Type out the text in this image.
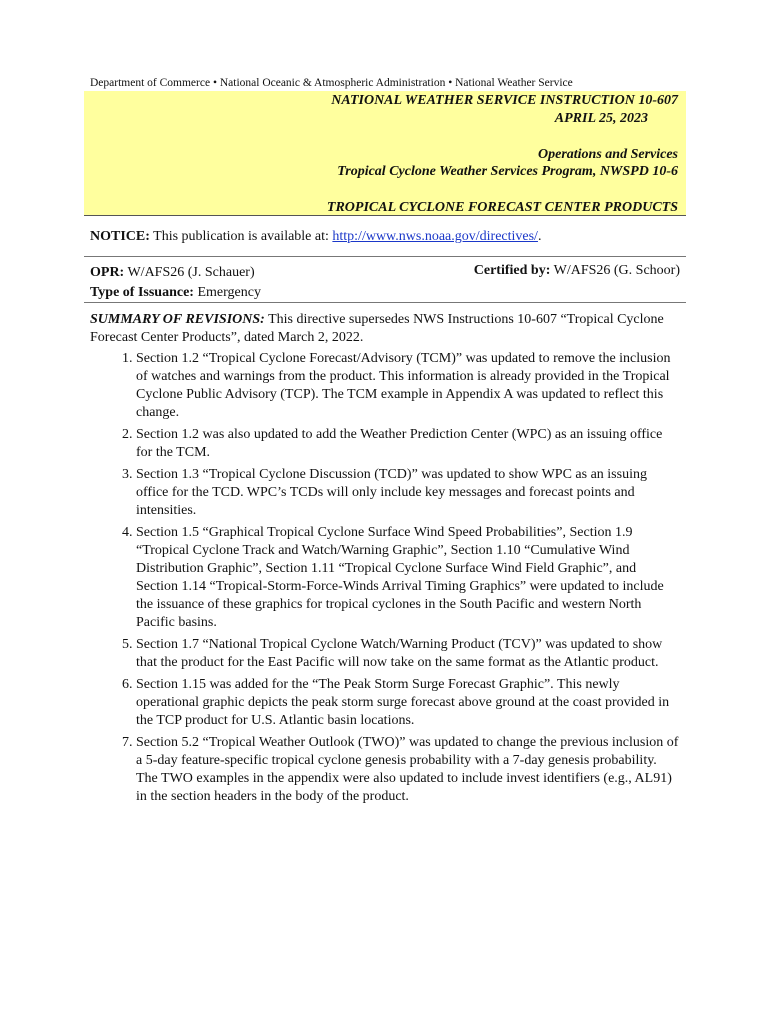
Department of Commerce • National Oceanic & Atmospheric Administration • National Weather Service
NATIONAL WEATHER SERVICE INSTRUCTION 10-607
APRIL 25, 2023
Operations and Services
Tropical Cyclone Weather Services Program, NWSPD 10-6
TROPICAL CYCLONE FORECAST CENTER PRODUCTS
NOTICE: This publication is available at: http://www.nws.noaa.gov/directives/.
OPR: W/AFS26 (J. Schauer)
Type of Issuance: Emergency
Certified by: W/AFS26 (G. Schoor)
SUMMARY OF REVISIONS: This directive supersedes NWS Instructions 10-607 “Tropical Cyclone Forecast Center Products”, dated March 2, 2022.
1. Section 1.2 “Tropical Cyclone Forecast/Advisory (TCM)” was updated to remove the inclusion of watches and warnings from the product. This information is already provided in the Tropical Cyclone Public Advisory (TCP). The TCM example in Appendix A was updated to reflect this change.
2. Section 1.2 was also updated to add the Weather Prediction Center (WPC) as an issuing office for the TCM.
3. Section 1.3 “Tropical Cyclone Discussion (TCD)” was updated to show WPC as an issuing office for the TCD. WPC’s TCDs will only include key messages and forecast points and intensities.
4. Section 1.5 “Graphical Tropical Cyclone Surface Wind Speed Probabilities”, Section 1.9 “Tropical Cyclone Track and Watch/Warning Graphic”, Section 1.10 “Cumulative Wind Distribution Graphic”, Section 1.11 “Tropical Cyclone Surface Wind Field Graphic”, and Section 1.14 “Tropical-Storm-Force-Winds Arrival Timing Graphics” were updated to include the issuance of these graphics for tropical cyclones in the South Pacific and western North Pacific basins.
5. Section 1.7 “National Tropical Cyclone Watch/Warning Product (TCV)” was updated to show that the product for the East Pacific will now take on the same format as the Atlantic product.
6. Section 1.15 was added for the “The Peak Storm Surge Forecast Graphic”. This newly operational graphic depicts the peak storm surge forecast above ground at the coast provided in the TCP product for U.S. Atlantic basin locations.
7. Section 5.2 “Tropical Weather Outlook (TWO)” was updated to change the previous inclusion of a 5-day feature-specific tropical cyclone genesis probability with a 7-day genesis probability. The TWO examples in the appendix were also updated to include invest identifiers (e.g., AL91) in the section headers in the body of the product.
